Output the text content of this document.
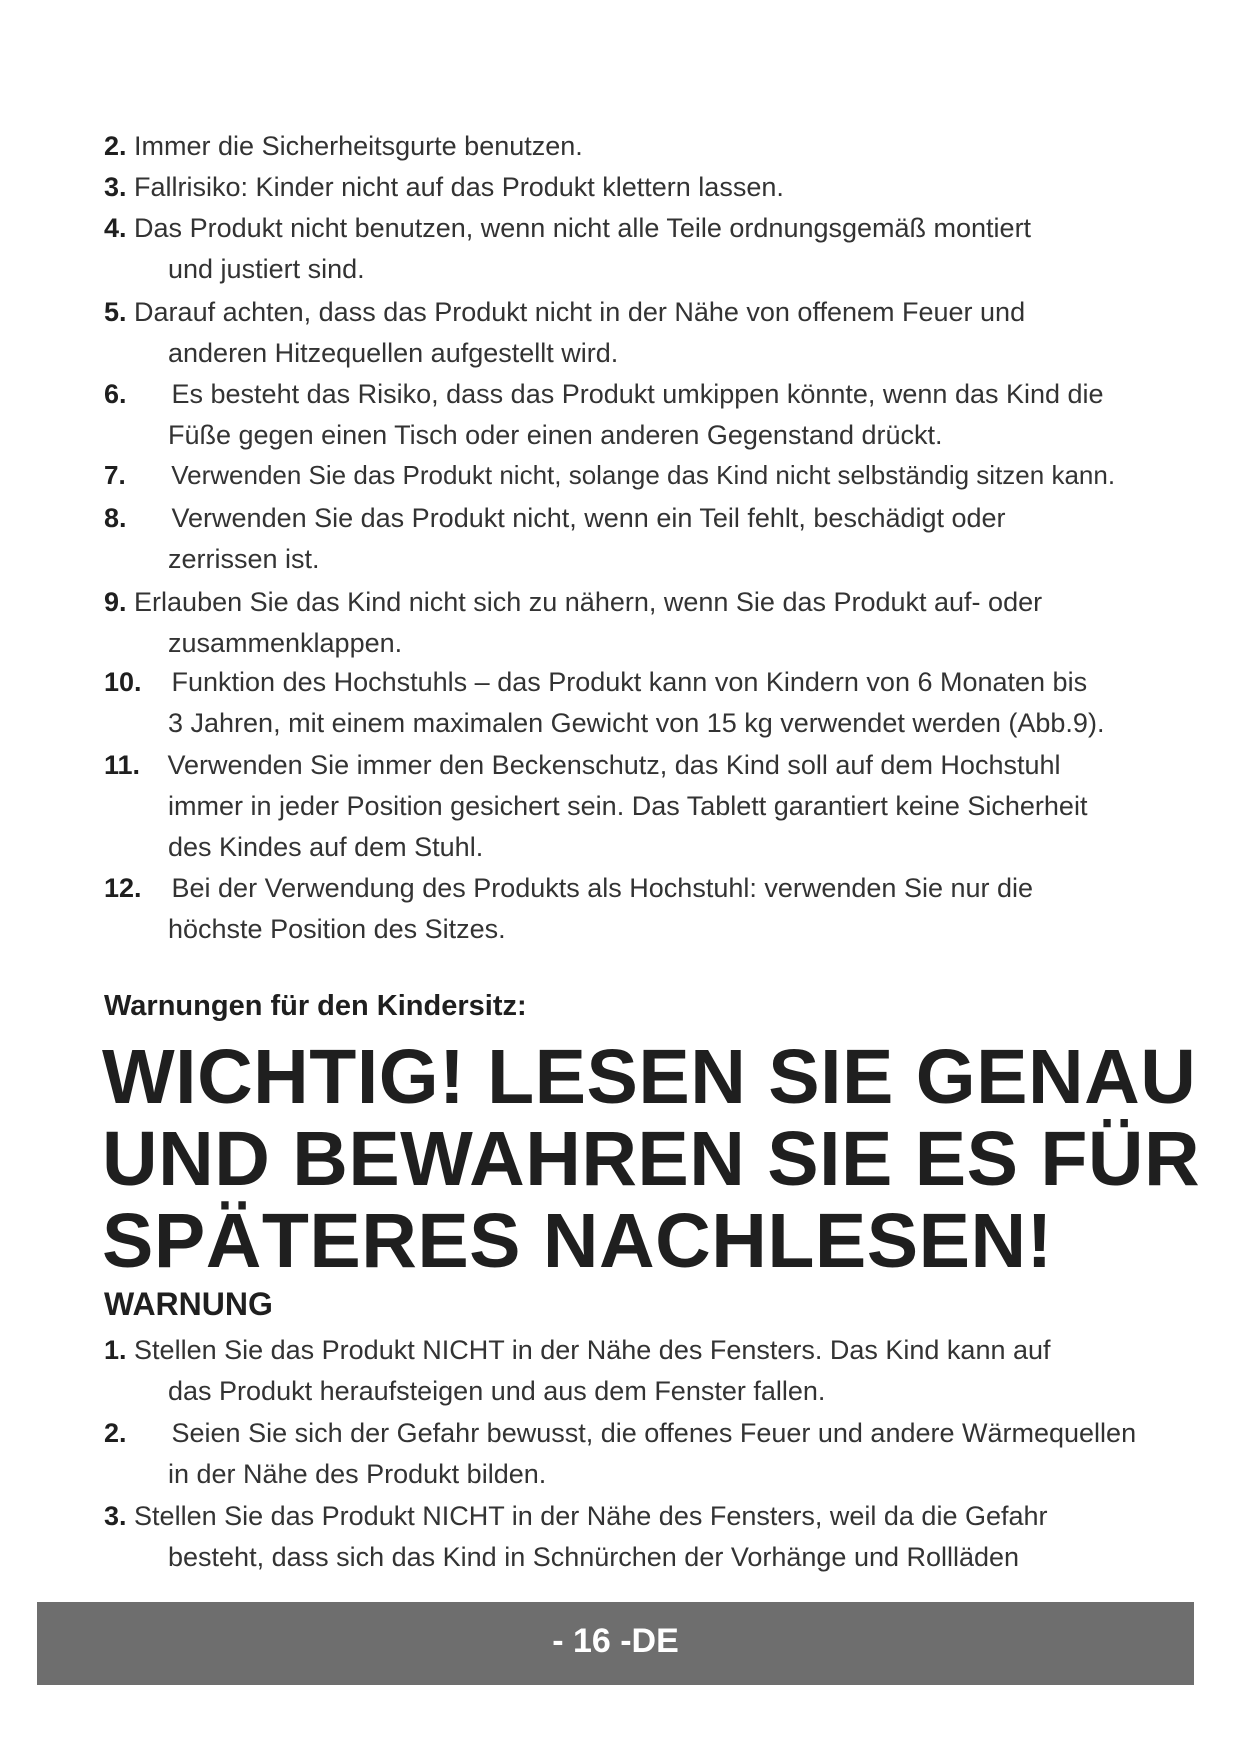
2. Immer die Sicherheitsgurte benutzen.
3. Fallrisiko: Kinder nicht auf das Produkt klettern lassen.
4. Das Produkt nicht benutzen, wenn nicht alle Teile ordnungsgemäß montiert
und justiert sind.
5. Darauf achten, dass das Produkt nicht in der Nähe von offenem Feuer und
anderen Hitzequellen aufgestellt wird.
6. Es besteht das Risiko, dass das Produkt umkippen könnte, wenn das Kind die
Füße gegen einen Tisch oder einen anderen Gegenstand drückt.
7. Verwenden Sie das Produkt nicht, solange das Kind nicht selbständig sitzen kann.
8. Verwenden Sie das Produkt nicht, wenn ein Teil fehlt, beschädigt oder
zerrissen ist.
9. Erlauben Sie das Kind nicht sich zu nähern, wenn Sie das Produkt auf- oder
zusammenklappen.
10. Funktion des Hochstuhls – das Produkt kann von Kindern von 6 Monaten bis
3 Jahren, mit einem maximalen Gewicht von 15 kg verwendet werden (Abb.9).
11. Verwenden Sie immer den Beckenschutz, das Kind soll auf dem Hochstuhl
immer in jeder Position gesichert sein. Das Tablett garantiert keine Sicherheit
des Kindes auf dem Stuhl.
12. Bei der Verwendung des Produkts als Hochstuhl: verwenden Sie nur die
höchste Position des Sitzes.
Warnungen für den Kindersitz:
WICHTIG! LESEN SIE GENAU
UND BEWAHREN SIE ES FÜR
SPÄTERES NACHLESEN!
WARNUNG
1. Stellen Sie das Produkt NICHT in der Nähe des Fensters. Das Kind kann auf
das Produkt heraufsteigen und aus dem Fenster fallen.
2. Seien Sie sich der Gefahr bewusst, die offenes Feuer und andere Wärmequellen
in der Nähe des Produkt bilden.
3. Stellen Sie das Produkt NICHT in der Nähe des Fensters, weil da die Gefahr
besteht, dass sich das Kind in Schnürchen der Vorhänge und Rollläden
- 16 -DE
